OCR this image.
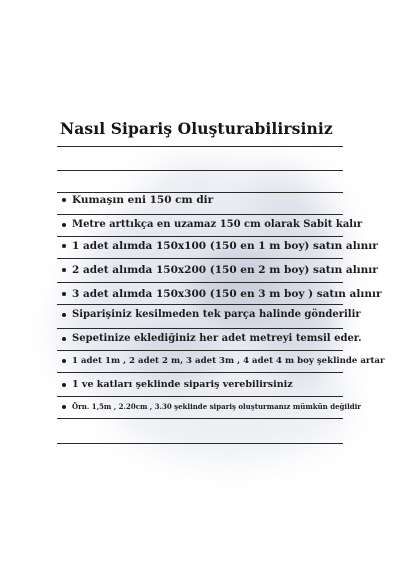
Nasıl Sipariş Oluşturabilirsiniz
Kumaşın eni 150 cm dir
Metre arttıkça en uzamaz 150 cm olarak Sabit kalır
1 adet alımda 150x100 (150 en 1 m boy) satın alınır
2 adet alımda 150x200 (150 en 2 m boy) satın alınır
3 adet alımda 150x300 (150 en 3 m boy ) satın alınır
Siparişiniz kesilmeden tek parça halinde gönderilir
Sepetinize eklediğiniz her adet metreyi temsil eder.
1 adet 1m , 2 adet 2 m, 3 adet 3m , 4 adet 4 m boy şeklinde artar
1 ve katları şeklinde sipariş verebilirsiniz
Örn. 1,5m , 2.20cm , 3.30 şeklinde sipariş oluşturmanız mümkün değildir
